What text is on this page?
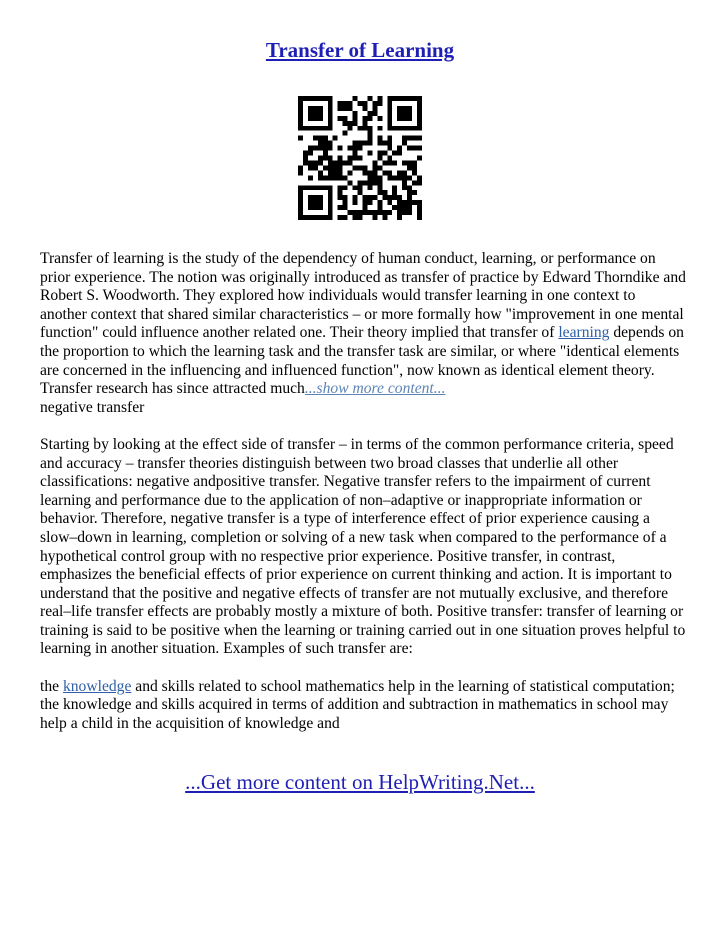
Transfer of Learning

Transfer of learning is the study of the dependency of human conduct, learning, or performance on prior experience. The notion was originally introduced as transfer of practice by Edward Thorndike and Robert S. Woodworth. They explored how individuals would transfer learning in one context to another context that shared similar characteristics – or more formally how "improvement in one mental function" could influence another related one. Their theory implied that transfer of learning depends on the proportion to which the learning task and the transfer task are similar, or where "identical elements are concerned in the influencing and influenced function", now known as identical element theory. Transfer research has since attracted much...show more content...
negative transfer

Starting by looking at the effect side of transfer – in terms of the common performance criteria, speed and accuracy – transfer theories distinguish between two broad classes that underlie all other classifications: negative andpositive transfer. Negative transfer refers to the impairment of current learning and performance due to the application of non–adaptive or inappropriate information or behavior. Therefore, negative transfer is a type of interference effect of prior experience causing a slow–down in learning, completion or solving of a new task when compared to the performance of a hypothetical control group with no respective prior experience. Positive transfer, in contrast, emphasizes the beneficial effects of prior experience on current thinking and action. It is important to understand that the positive and negative effects of transfer are not mutually exclusive, and therefore real–life transfer effects are probably mostly a mixture of both. Positive transfer: transfer of learning or training is said to be positive when the learning or training carried out in one situation proves helpful to learning in another situation. Examples of such transfer are:

the knowledge and skills related to school mathematics help in the learning of statistical computation;
the knowledge and skills acquired in terms of addition and subtraction in mathematics in school may help a child in the acquisition of knowledge and

...Get more content on HelpWriting.Net...
